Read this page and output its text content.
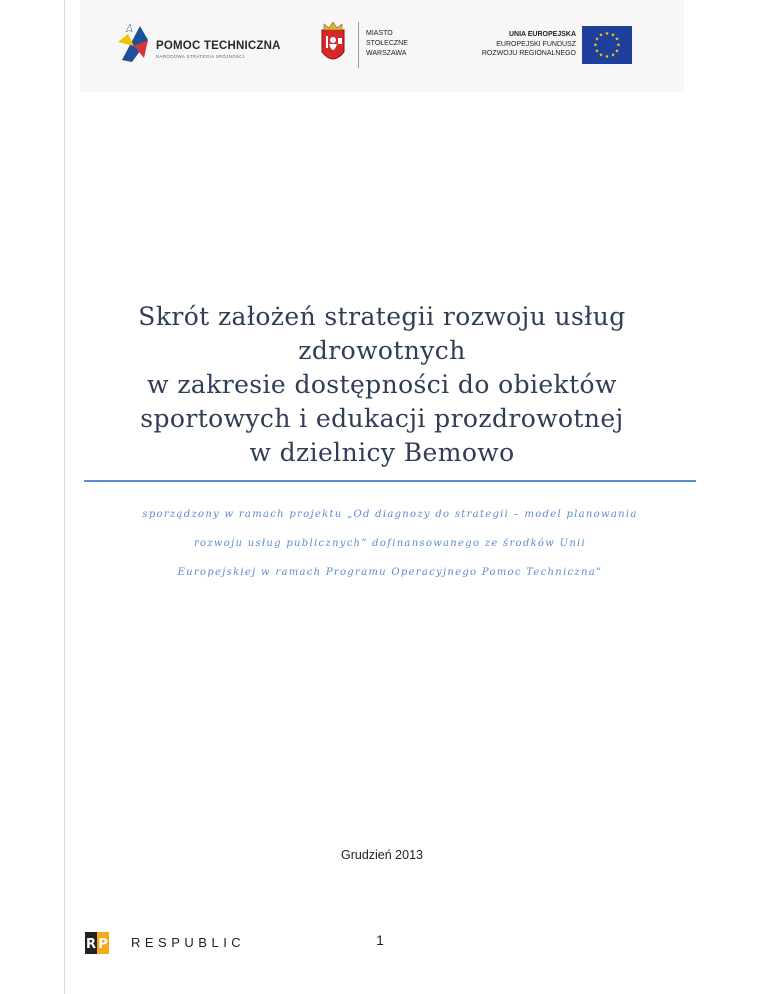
POMOC TECHNICZNA
NARODOWA STRATEGIA SPÓJNOŚCI
MIASTO
STOŁECZNE
WARSZAWA
UNIA EUROPEJSKA
EUROPEJSKI FUNDUSZ
ROZWOJU REGIONALNEGO
★ ★
★
★
★
★
★
★
★
★
★
★
Skrót założeń strategii rozwoju usług
zdrowotnych
w zakresie dostępności do obiektów
sportowych i edukacji prozdrowotnej
w dzielnicy Bemowo
sporządzony w ramach projektu „Od diagnozy do strategii – model planowania
rozwoju usług publicznych” dofinansowanego ze środków Unii
Europejskiej w ramach Programu Operacyjnego Pomoc Techniczna”
Grudzień 2013
R P RESPUBLIC	1
